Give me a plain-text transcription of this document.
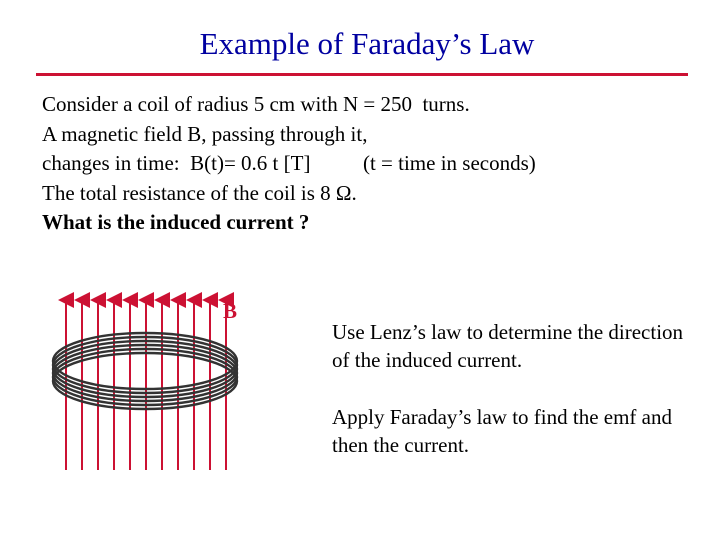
Example of Faraday’s Law
Consider a coil of radius 5 cm with N = 250  turns.
A magnetic field B, passing through it,
changes in time:  B(t)= 0.6 t [T]          (t = time in seconds)
The total resistance of the coil is 8 Ω.
What is the induced current ?
B
Use Lenz’s law to determine the direction of the induced current.
Apply Faraday’s law to find the emf and then the current.
